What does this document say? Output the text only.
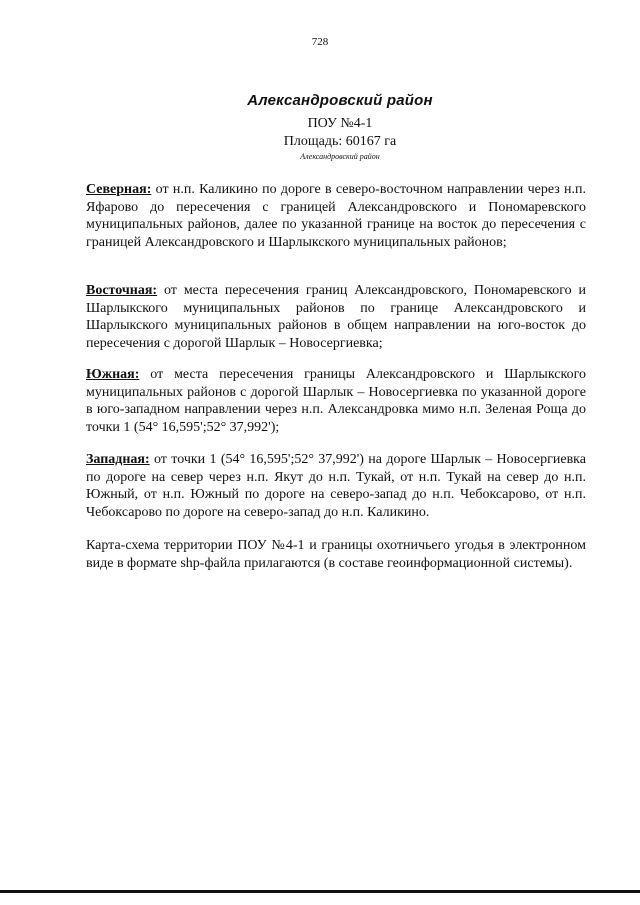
728
Александровский район
ПОУ №4-1
Площадь: 60167 га
Александровский район

Северная: от н.п. Каликино по дороге в северо-восточном направлении через н.п. Яфарово до пересечения с границей Александровского и Пономаревского муниципальных районов, далее по указанной границе на восток до пересечения с границей Александровского и Шарлыкского муниципальных районов;

Восточная: от места пересечения границ Александровского, Пономаревского и Шарлыкского муниципальных районов по границе Александровского и Шарлыкского муниципальных районов в общем направлении на юго-восток до пересечения с дорогой Шарлык – Новосергиевка;

Южная: от места пересечения границы Александровского и Шарлыкского муниципальных районов с дорогой Шарлык – Новосергиевка по указанной дороге в юго-западном направлении через н.п. Александровка мимо н.п. Зеленая Роща до точки 1 (54° 16,595';52° 37,992');

Западная: от точки 1 (54° 16,595';52° 37,992') на дороге Шарлык – Новосергиевка по дороге на север через н.п. Якут до н.п. Тукай, от н.п. Тукай на север до н.п. Южный, от н.п. Южный по дороге на северо-запад до н.п. Чебоксарово, от н.п. Чебоксарово по дороге на северо-запад до н.п. Каликино.

Карта-схема территории ПОУ №4-1 и границы охотничьего угодья в электронном виде в формате shp-файла прилагаются (в составе геоинформационной системы).
